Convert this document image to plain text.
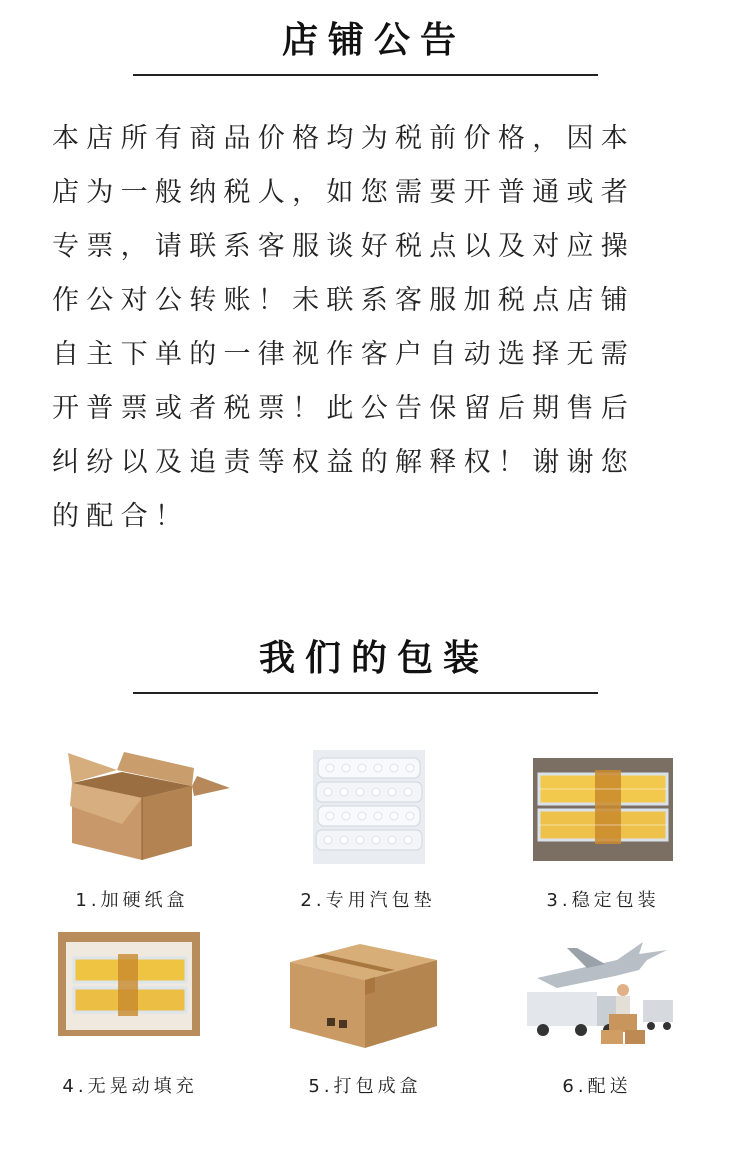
店铺公告
本店所有商品价格均为税前价格，因本
店为一般纳税人，如您需要开普通或者
专票，请联系客服谈好税点以及对应操
作公对公转账！未联系客服加税点店铺
自主下单的一律视作客户自动选择无需
开普票或者税票！此公告保留后期售后
纠纷以及追责等权益的解释权！谢谢您
的配合！
我们的包装
1.加硬纸盒	2.专用汽包垫	3.稳定包装
4.无晃动填充	5.打包成盒	6.配送
